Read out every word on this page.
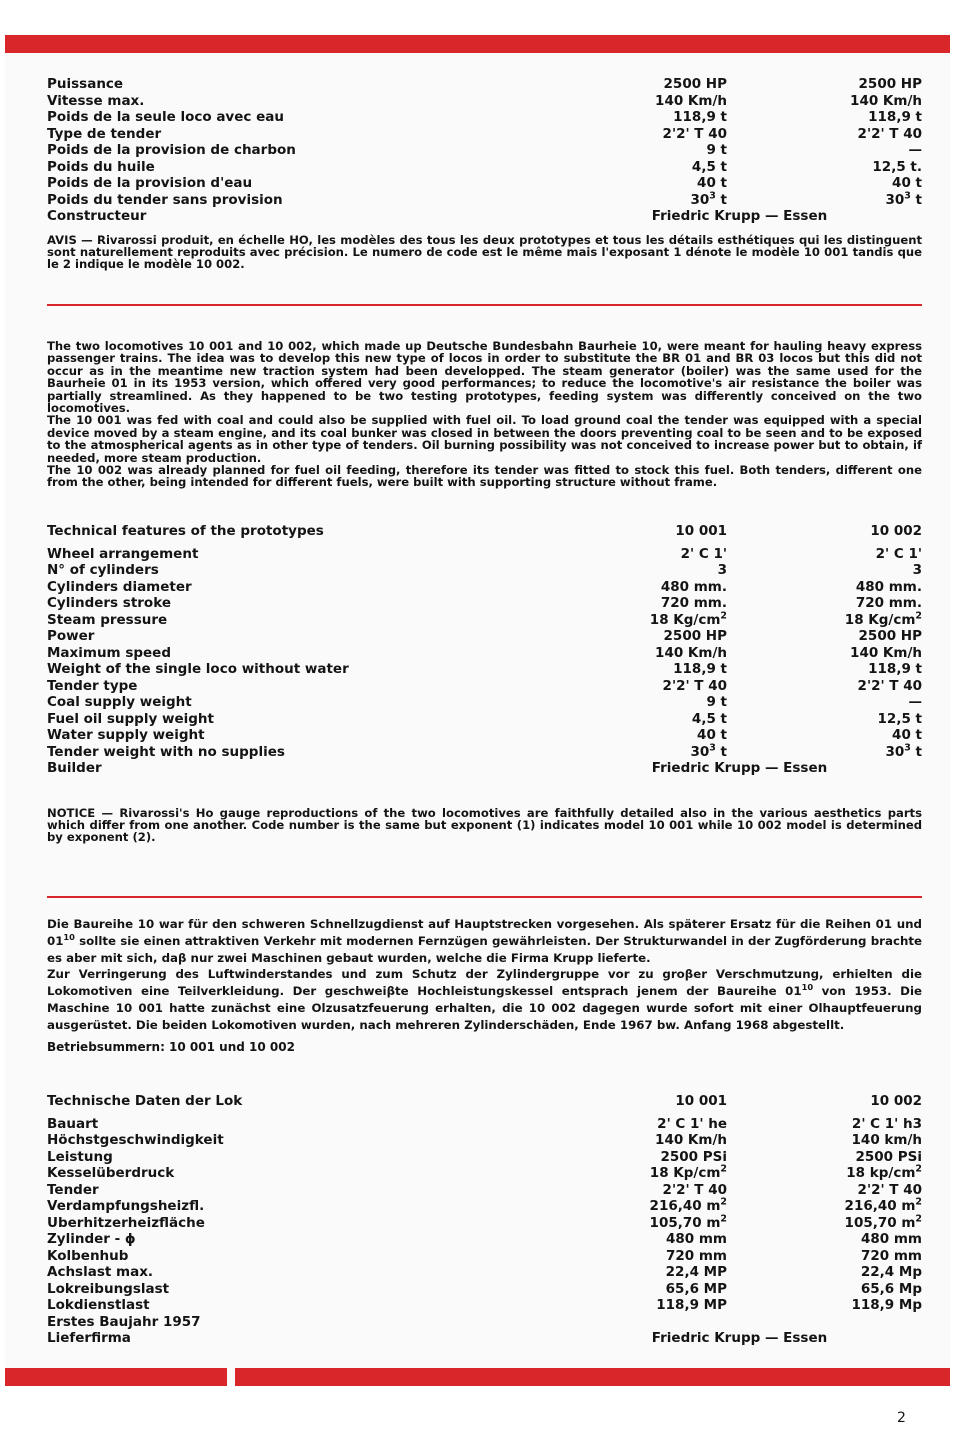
Puissance	2500 HP	2500 HP
Vitesse max.	140 Km/h	140 Km/h
Poids de la seule loco avec eau	118,9 t	118,9 t
Type de tender	2'2' T 40	2'2' T 40
Poids de la provision de charbon	9 t	—
Poids du huile	4,5 t	12,5 t.
Poids de la provision d'eau	40 t	40 t
Poids du tender sans provision	$30^3$ t	$30^3$ t
Constructeur	Friedric Krupp — Essen

AVIS — Rivarossi produit, en échelle HO, les modèles des tous les deux prototypes et tous les détails esthétiques qui les distinguent sont naturellement reproduits avec précision. Le numero de code est le même mais l'exposant 1 dénote le modèle 10 001 tandis que le 2 indique le modèle 10 002.

The two locomotives 10 001 and 10 002, which made up Deutsche Bundesbahn Baurheie 10, were meant for hauling heavy express passenger trains. The idea was to develop this new type of locos in order to substitute the BR 01 and BR 03 locos but this did not occur as in the meantime new traction system had been developped. The steam generator (boiler) was the same used for the Baurheie 01 in its 1953 version, which offered very good performances; to reduce the locomotive's air resistance the boiler was partially streamlined. As they happened to be two testing prototypes, feeding system was differently conceived on the two locomotives.

The 10 001 was fed with coal and could also be supplied with fuel oil. To load ground coal the tender was equipped with a special device moved by a steam engine, and its coal bunker was closed in between the doors preventing coal to be seen and to be exposed to the atmospherical agents as in other type of tenders. Oil burning possibility was not conceived to increase power but to obtain, if needed, more steam production.

The 10 002 was already planned for fuel oil feeding, therefore its tender was fitted to stock this fuel. Both tenders, different one from the other, being intended for different fuels, were built with supporting structure without frame.

Technical features of the prototypes	10 001	10 002
Wheel arrangement	2' C 1'	2' C 1'
N° of cylinders	3	3
Cylinders diameter	480 mm.	480 mm.
Cylinders stroke	720 mm.	720 mm.
Steam pressure	18 $Kg/cm^2$	18 $Kg/cm^2$
Power	2500 HP	2500 HP
Maximum speed	140 Km/h	140 Km/h
Weight of the single loco without water	118,9 t	118,9 t
Tender type	2'2' T 40	2'2' T 40
Coal supply weight	9 t	—
Fuel oil supply weight	4,5 t	12,5 t
Water supply weight	40 t	40 t
Tender weight with no supplies	$30^3$ t	$30^3$ t
Builder	Friedric Krupp — Essen

NOTICE — Rivarossi's Ho gauge reproductions of the two locomotives are faithfully detailed also in the various aesthetics parts which differ from one another. Code number is the same but exponent (1) indicates model 10 001 while 10 002 model is determined by exponent (2).

Die Baureihe 10 war für den schweren Schnellzugdienst auf Hauptstrecken vorgesehen. Als späterer Ersatz für die Reihen 01 und $01^{10}$ sollte sie einen attraktiven Verkehr mit modernen Fernzügen gewährleisten. Der Strukturwandel in der Zugförderung brachte es aber mit sich, daβ nur zwei Maschinen gebaut wurden, welche die Firma Krupp lieferte.

Zur Verringerung des Luftwinderstandes und zum Schutz der Zylindergruppe vor zu groβer Verschmutzung, erhielten die Lokomotiven eine Teilverkleidung. Der geschweiβte Hochleistungskessel entsprach jenem der Baureihe $01^{10}$ von 1953. Die Maschine 10 001 hatte zunächst eine Olzusatzfeuerung erhalten, die 10 002 dagegen wurde sofort mit einer Olhauptfeuerung ausgerüstet. Die beiden Lokomotiven wurden, nach mehreren Zylinderschäden, Ende 1967 bw. Anfang 1968 abgestellt.

Betriebsummern: 10 001 und 10 002

Technische Daten der Lok	10 001	10 002
Bauart	2' C 1' he	2' C 1' h3
Höchstgeschwindigkeit	140 Km/h	140 km/h
Leistung	2500 PSi	2500 PSi
Kesselüberdruck	18 $Kp/cm^2$	18 $kp/cm^2$
Tender	2'2' T 40	2'2' T 40
Verdampfungsheizfl.	216,40 $m^2$	216,40 $m^2$
Uberhitzerheizfläche	105,70 $m^2$	105,70 $m^2$
Zylinder - ϕ	480 mm	480 mm
Kolbenhub	720 mm	720 mm
Achslast max.	22,4 MP	22,4 Mp
Lokreibungslast	65,6 MP	65,6 Mp
Lokdienstlast	118,9 MP	118,9 Mp
Erstes Baujahr 1957
Lieferfirma	Friedric Krupp — Essen
2
